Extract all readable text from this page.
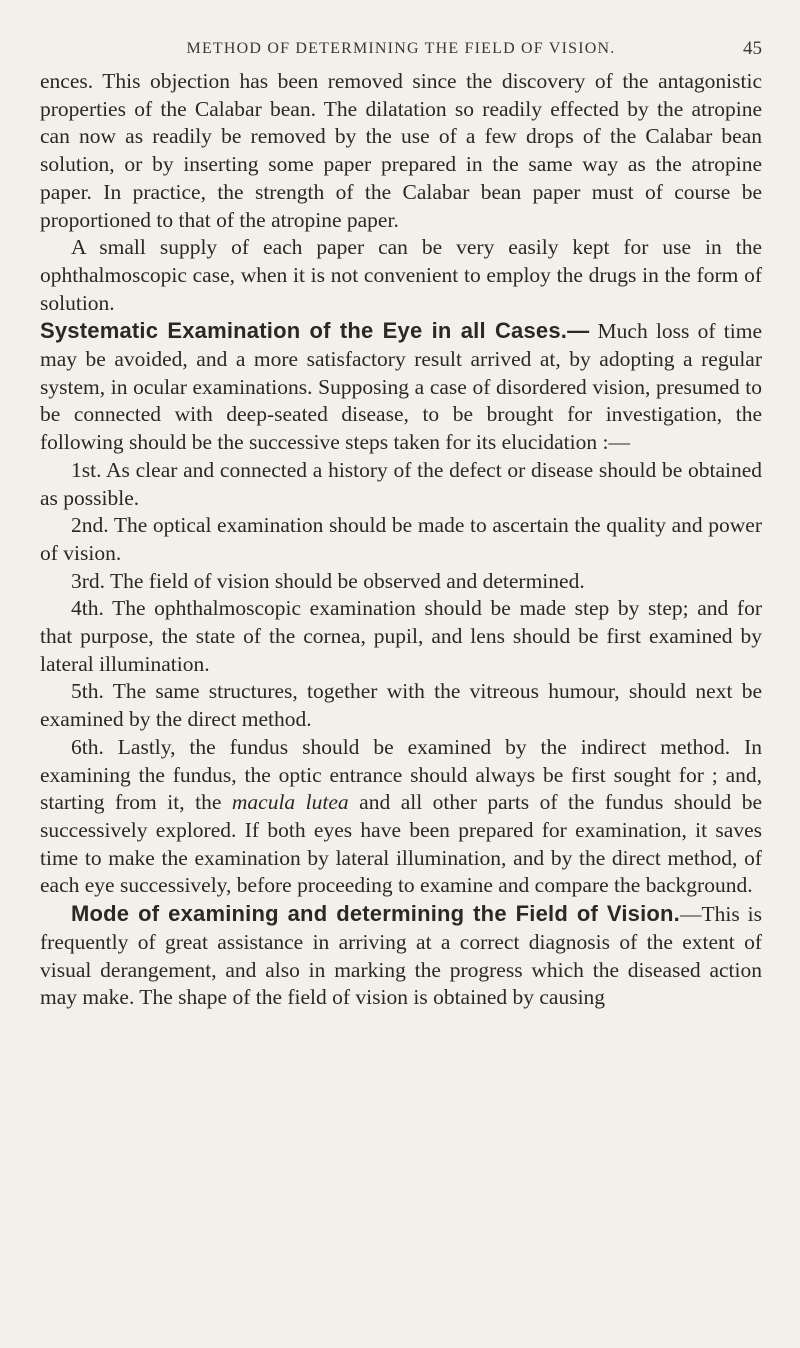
METHOD OF DETERMINING THE FIELD OF VISION.	45

ences. This objection has been removed since the discovery of the antagonistic properties of the Calabar bean. The dilatation so readily effected by the atropine can now as readily be removed by the use of a few drops of the Calabar bean solution, or by inserting some paper prepared in the same way as the atropine paper. In practice, the strength of the Calabar bean paper must of course be proportioned to that of the atropine paper.

A small supply of each paper can be very easily kept for use in the ophthalmoscopic case, when it is not convenient to employ the drugs in the form of solution.

Systematic Examination of the Eye in all Cases.— Much loss of time may be avoided, and a more satisfactory result arrived at, by adopting a regular system, in ocular examinations. Supposing a case of disordered vision, presumed to be connected with deep-seated disease, to be brought for investigation, the following should be the successive steps taken for its elucidation :—

1st. As clear and connected a history of the defect or disease should be obtained as possible.

2nd. The optical examination should be made to ascertain the quality and power of vision.

3rd. The field of vision should be observed and determined.

4th. The ophthalmoscopic examination should be made step by step; and for that purpose, the state of the cornea, pupil, and lens should be first examined by lateral illumination.

5th. The same structures, together with the vitreous humour, should next be examined by the direct method.

6th. Lastly, the fundus should be examined by the indirect method. In examining the fundus, the optic entrance should always be first sought for ; and, starting from it, the macula lutea and all other parts of the fundus should be successively explored. If both eyes have been prepared for examination, it saves time to make the examination by lateral illumination, and by the direct method, of each eye successively, before proceeding to examine and compare the background.

Mode of examining and determining the Field of Vision.—This is frequently of great assistance in arriving at a correct diagnosis of the extent of visual derangement, and also in marking the progress which the diseased action may make. The shape of the field of vision is obtained by causing
